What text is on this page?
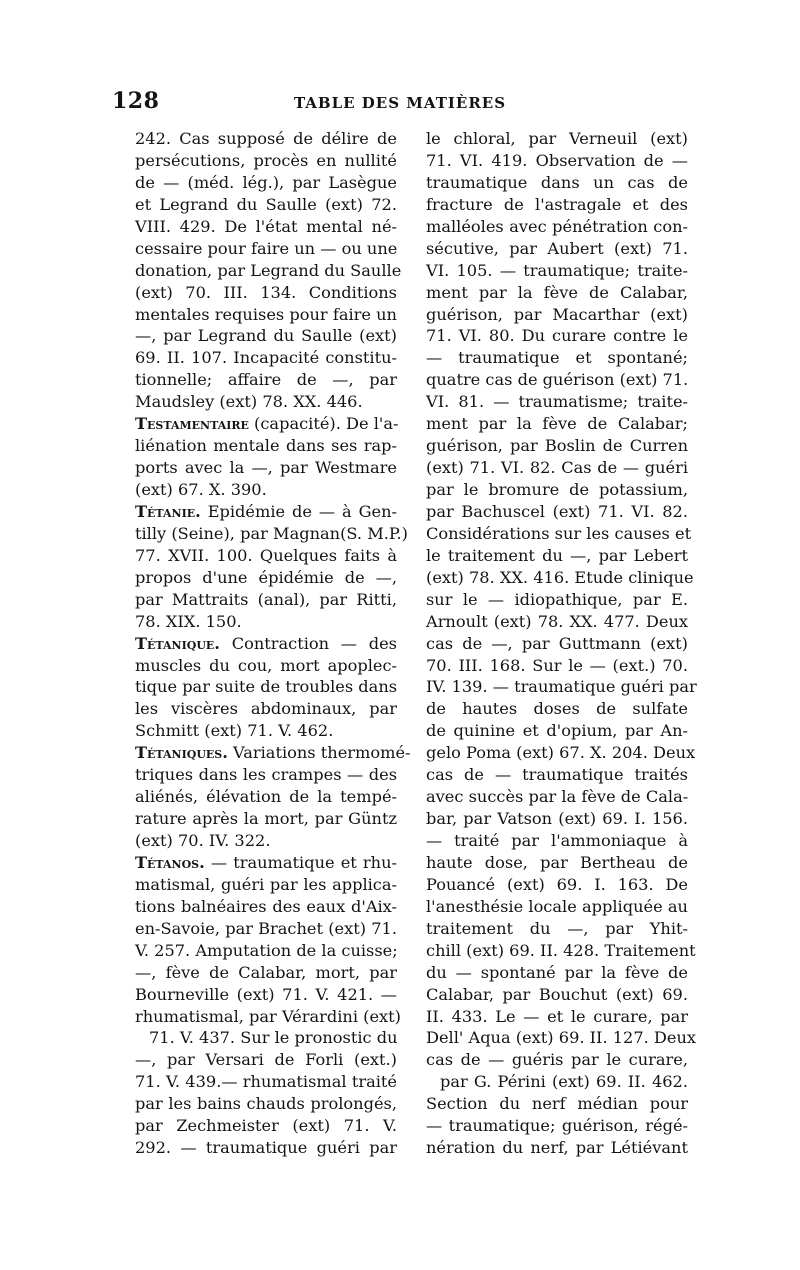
128	TABLE DES MATIÈRES
242. Cas supposé de délire de
persécutions, procès en nullité
de — (méd. lég.), par Lasègue
et Legrand du Saulle (ext) 72.
VIII. 429. De l'état mental né-
cessaire pour faire un — ou une
donation, par Legrand du Saulle
(ext) 70. III. 134. Conditions
mentales requises pour faire un
—, par Legrand du Saulle (ext)
69. II. 107. Incapacité constitu-
tionnelle; affaire de —, par
Maudsley (ext) 78. XX. 446.
Testamentaire (capacité). De l'a-
liénation mentale dans ses rap-
ports avec la —, par Westmare
(ext) 67. X. 390.
Tétanie. Epidémie de — à Gen-
tilly (Seine), par Magnan(S. M.P.)
77. XVII. 100. Quelques faits à
propos d'une épidémie de —,
par Mattraits (anal), par Ritti,
78. XIX. 150.
Tétanique. Contraction — des
muscles du cou, mort apoplec-
tique par suite de troubles dans
les viscères abdominaux, par
Schmitt (ext) 71. V. 462.
Tétaniques. Variations thermomé-
triques dans les crampes — des
aliénés, élévation de la tempé-
rature après la mort, par Güntz
(ext) 70. IV. 322.
Tétanos. — traumatique et rhu-
matismal, guéri par les applica-
tions balnéaires des eaux d'Aix-
en-Savoie, par Brachet (ext) 71.
V. 257. Amputation de la cuisse;
—, fève de Calabar, mort, par
Bourneville (ext) 71. V. 421. —
rhumatismal, par Vérardini (ext)
71. V. 437. Sur le pronostic du
—, par Versari de Forli (ext.)
71. V. 439.— rhumatismal traité
par les bains chauds prolongés,
par Zechmeister (ext) 71. V.
292. — traumatique guéri par
le chloral, par Verneuil (ext)
71. VI. 419. Observation de —
traumatique dans un cas de
fracture de l'astragale et des
malléoles avec pénétration con-
sécutive, par Aubert (ext) 71.
VI. 105. — traumatique; traite-
ment par la fève de Calabar,
guérison, par Macarthar (ext)
71. VI. 80. Du curare contre le
— traumatique et spontané;
quatre cas de guérison (ext) 71.
VI. 81. — traumatisme; traite-
ment par la fève de Calabar;
guérison, par Boslin de Curren
(ext) 71. VI. 82. Cas de — guéri
par le bromure de potassium,
par Bachuscel (ext) 71. VI. 82.
Considérations sur les causes et
le traitement du —, par Lebert
(ext) 78. XX. 416. Etude clinique
sur le — idiopathique, par E.
Arnoult (ext) 78. XX. 477. Deux
cas de —, par Guttmann (ext)
70. III. 168. Sur le — (ext.) 70.
IV. 139. — traumatique guéri par
de hautes doses de sulfate
de quinine et d'opium, par An-
gelo Poma (ext) 67. X. 204. Deux
cas de — traumatique traités
avec succès par la fève de Cala-
bar, par Vatson (ext) 69. I. 156.
— traité par l'ammoniaque à
haute dose, par Bertheau de
Pouancé (ext) 69. I. 163. De
l'anesthésie locale appliquée au
traitement du —, par Yhit-
chill (ext) 69. II. 428. Traitement
du — spontané par la fève de
Calabar, par Bouchut (ext) 69.
II. 433. Le — et le curare, par
Dell' Aqua (ext) 69. II. 127. Deux
cas de — guéris par le curare,
par G. Périni (ext) 69. II. 462.
Section du nerf médian pour
— traumatique; guérison, régé-
nération du nerf, par Létiévant
